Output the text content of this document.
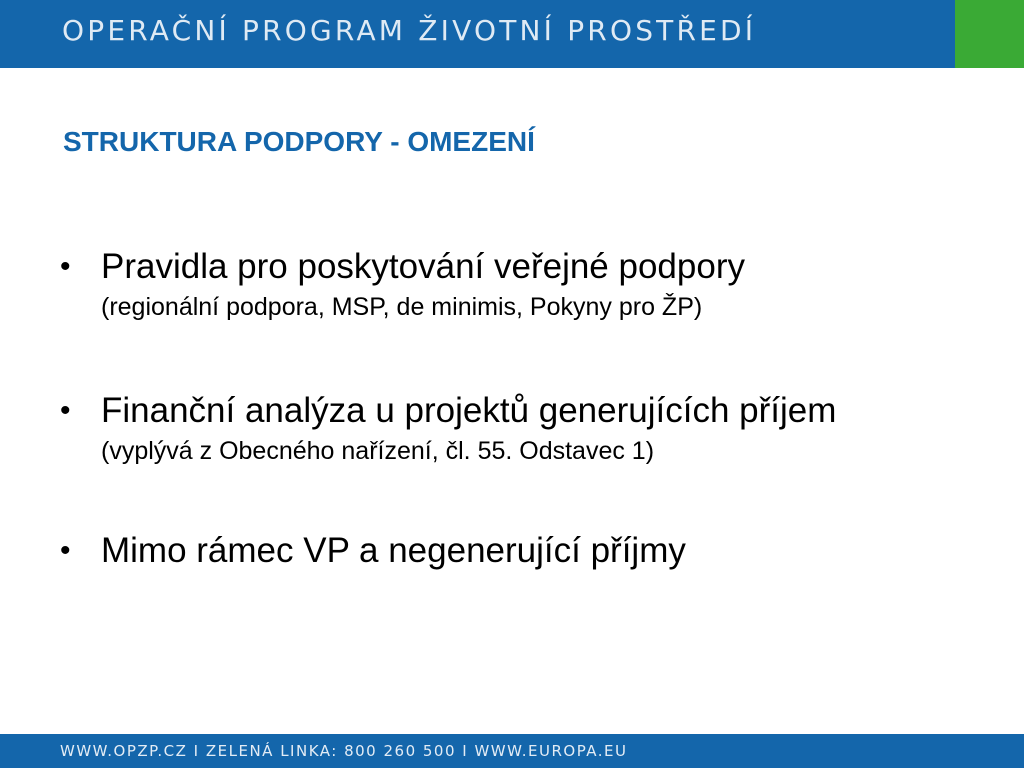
OPERAČNÍ PROGRAM ŽIVOTNÍ PROSTŘEDÍ
STRUKTURA PODPORY - OMEZENÍ
• Pravidla pro poskytování veřejné podpory
(regionální podpora, MSP, de minimis, Pokyny pro ŽP)
• Finanční analýza u projektů generujících příjem
(vyplývá z Obecného nařízení, čl. 55. Odstavec 1)
• Mimo rámec VP a negenerující příjmy
WWW.OPZP.CZ I ZELENÁ LINKA: 800 260 500 I WWW.EUROPA.EU
